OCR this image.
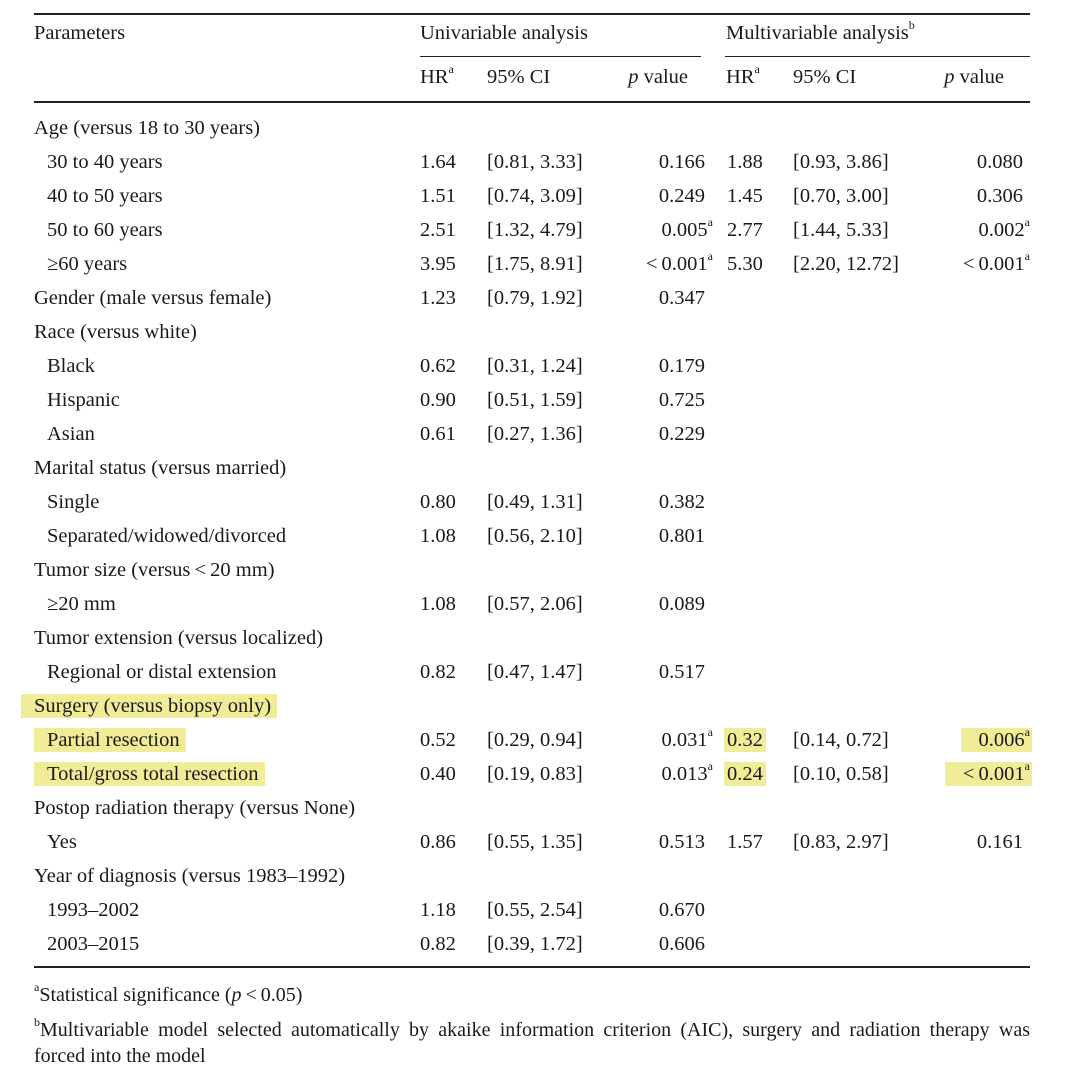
Parameters	Univariable analysis	Multivariable analysis$^b$
$HR^a$ 95% CI	p value $HR^a$ 95% CI	p value
Age (versus 18 to 30 years)
30 to 40 years	1.64 [0.81, 3.33]	0.166 1.88 [0.93, 3.86]	0.080
40 to 50 years	1.51 [0.74, 3.09]	0.249 1.45 [0.70, 3.00]	0.306
50 to 60 years	2.51 [1.32, 4.79]	0.005$^a$ 2.77 [1.44, 5.33]	0.002$^a$
≥60 years	3.95 [1.75, 8.91]	< 0.001$^a$ 5.30 [2.20, 12.72]	< 0.001$^a$
Gender (male versus female)	1.23 [0.79, 1.92]	0.347
Race (versus white)
Black	0.62 [0.31, 1.24]	0.179
Hispanic	0.90 [0.51, 1.59]	0.725
Asian	0.61 [0.27, 1.36]	0.229
Marital status (versus married)
Single	0.80 [0.49, 1.31]	0.382
Separated/widowed/divorced	1.08 [0.56, 2.10]	0.801
Tumor size (versus < 20 mm)
≥20 mm	1.08 [0.57, 2.06]	0.089
Tumor extension (versus localized)
Regional or distal extension	0.82 [0.47, 1.47]	0.517
Surgery (versus biopsy only)
Partial resection	0.52 [0.29, 0.94]	0.031$^a$ 0.32 [0.14, 0.72]	0.006$^a$
Total/gross total resection	0.40 [0.19, 0.83]	0.013$^a$ 0.24 [0.10, 0.58]	< 0.001$^a$
Postop radiation therapy (versus None)
Yes	0.86 [0.55, 1.35]	0.513 1.57 [0.83, 2.97]	0.161
Year of diagnosis (versus 1983–1992)
1993–2002	1.18 [0.55, 2.54]	0.670
2003–2015	0.82 [0.39, 1.72]	0.606
$^a$Statistical significance (p < 0.05)
$^b$Multivariable model selected automatically by akaike information criterion (AIC), surgery and radiation therapy was forced into the model
